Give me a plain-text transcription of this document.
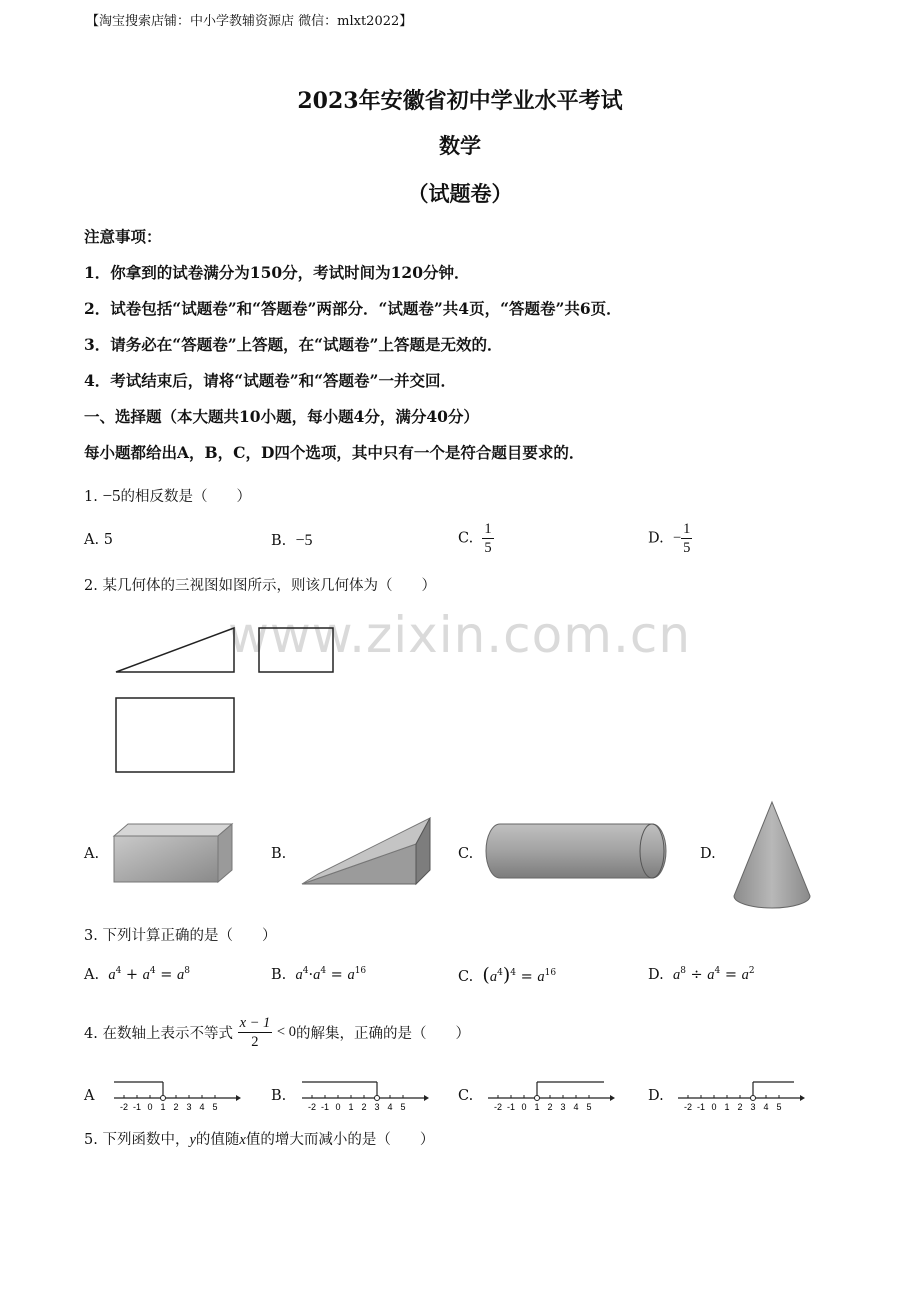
【淘宝搜索店铺：中小学教辅资源店 微信：mlxt2022】
2023年安徽省初中学业水平考试
数学
（试题卷）
注意事项：
1．你拿到的试卷满分为150分，考试时间为120分钟．
2．试卷包括“试题卷”和“答题卷”两部分．“试题卷”共4页，“答题卷”共6页．
3．请务必在“答题卷”上答题，在“试题卷”上答题是无效的．
4．考试结束后，请将“试题卷”和“答题卷”一并交回．
一、选择题（本大题共10小题，每小题4分，满分40分）
每小题都给出A，B，C，D四个选项，其中只有一个是符合题目要求的．
www.zixin.com.cn
1. −5的相反数是（　　）
A. 5	B. −5	C. $\frac{1}{5}$	D. − $\frac{1}{5}$
2. 某几何体的三视图如图所示，则该几何体为（　　）
A.	B.	C.	D.
3. 下列计算正确的是（　　）
A. $a^4 + a^4 = a^8$	B. $a^4\cdot a^4 = a^{16}$	C. $(a^4)^4 = a^{16}$	D. $a^8 \div a^4 = a^2$
4. 在数轴上表示不等式 $\frac{x - 1}{2} < 0$的解集，正确的是（　　）
A	B.	C.	D.
-2 -1 0 1 2 3 4 5	-2 -1 0 1 2 3 4 5	-2 -1 0 1 2 3 4 5	-2 -1 0 1 2 3 4 5
5. 下列函数中，y的值随x值的增大而减小的是（　　）
